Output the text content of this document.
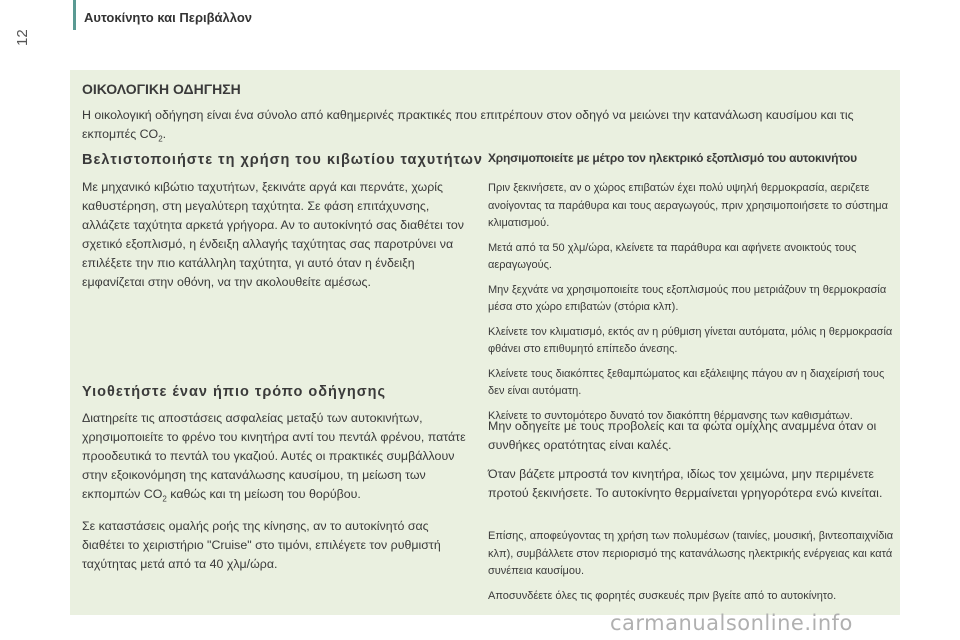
Αυτοκίνητο και Περιβάλλον
12
ΟΙΚΟΛΟΓΙΚΗ ΟΔΗΓΗΣΗ
Η οικολογική οδήγηση είναι ένα σύνολο από καθημερινές πρακτικές που επιτρέπουν στον οδηγό να μειώνει την κατανάλωση καυσίμου και τις εκπομπές $CO_2$.
Βελτιστοποιήστε τη χρήση του κιβωτίου ταχυτήτων
Με μηχανικό κιβώτιο ταχυτήτων, ξεκινάτε αργά και περνάτε, χωρίς καθυστέρηση, στη μεγαλύτερη ταχύτητα. Σε φάση επιτάχυνσης, αλλάζετε ταχύτητα αρκετά γρήγορα. Αν το αυτοκίνητό σας διαθέτει τον σχετικό εξοπλισμό, η ένδειξη αλλαγής ταχύτητας σας παροτρύνει να επιλέξετε την πιο κατάλληλη ταχύτητα, γι αυτό όταν η ένδειξη εμφανίζεται στην οθόνη, να την ακολουθείτε αμέσως.
Υιοθετήστε έναν ήπιο τρόπο οδήγησης
Διατηρείτε τις αποστάσεις ασφαλείας μεταξύ των αυτοκινήτων, χρησιμοποιείτε το φρένο του κινητήρα αντί του πεντάλ φρένου, πατάτε προοδευτικά το πεντάλ του γκαζιού. Αυτές οι πρακτικές συμβάλλουν στην εξοικονόμηση της κατανάλωσης καυσίμου, τη μείωση των εκπομπών $CO_2$ καθώς και τη μείωση του θορύβου.
Σε καταστάσεις ομαλής ροής της κίνησης, αν το αυτοκίνητό σας διαθέτει το χειριστήριο "Cruise" στο τιμόνι, επιλέγετε τον ρυθμιστή ταχύτητας μετά από τα 40 χλμ/ώρα.
Χρησιμοποιείτε με μέτρο τον ηλεκτρικό εξοπλισμό του αυτοκινήτου

Πριν ξεκινήσετε, αν ο χώρος επιβατών έχει πολύ υψηλή θερμοκρασία, αεριζετε ανοίγοντας τα παράθυρα και τους αεραγωγούς, πριν χρησιμοποιήσετε το σύστημα κλιματισμού.

Μετά από τα 50 χλμ/ώρα, κλείνετε τα παράθυρα και αφήνετε ανοικτούς τους αεραγωγούς.

Μην ξεχνάτε να χρησιμοποιείτε τους εξοπλισμούς που μετριάζουν τη θερμοκρασία μέσα στο χώρο επιβατών (στόρια κλπ).

Κλείνετε τον κλιματισμό, εκτός αν η ρύθμιση γίνεται αυτόματα, μόλις η θερμοκρασία φθάνει στο επιθυμητό επίπεδο άνεσης.

Κλείνετε τους διακόπτες ξεθαμπώματος και εξάλειψης πάγου αν η διαχείρισή τους δεν είναι αυτόματη.

Κλείνετε το συντομότερο δυνατό τον διακόπτη θέρμανσης των καθισμάτων.

Μην οδηγείτε με τους προβολείς και τα φώτα ομίχλης αναμμένα όταν οι συνθήκες ορατότητας είναι καλές.
Όταν βάζετε μπροστά τον κινητήρα, ιδίως τον χειμώνα, μην περιμένετε προτού ξεκινήσετε. Το αυτοκίνητο θερμαίνεται γρηγορότερα ενώ κινείται.

Επίσης, αποφεύγοντας τη χρήση των πολυμέσων (ταινίες, μουσική, βιντεοπαιχνίδια κλπ), συμβάλλετε στον περιορισμό της κατανάλωσης ηλεκτρικής ενέργειας και κατά συνέπεια καυσίμου.

Αποσυνδέετε όλες τις φορητές συσκευές πριν βγείτε από το αυτοκίνητο.

carmanualsonline.info
